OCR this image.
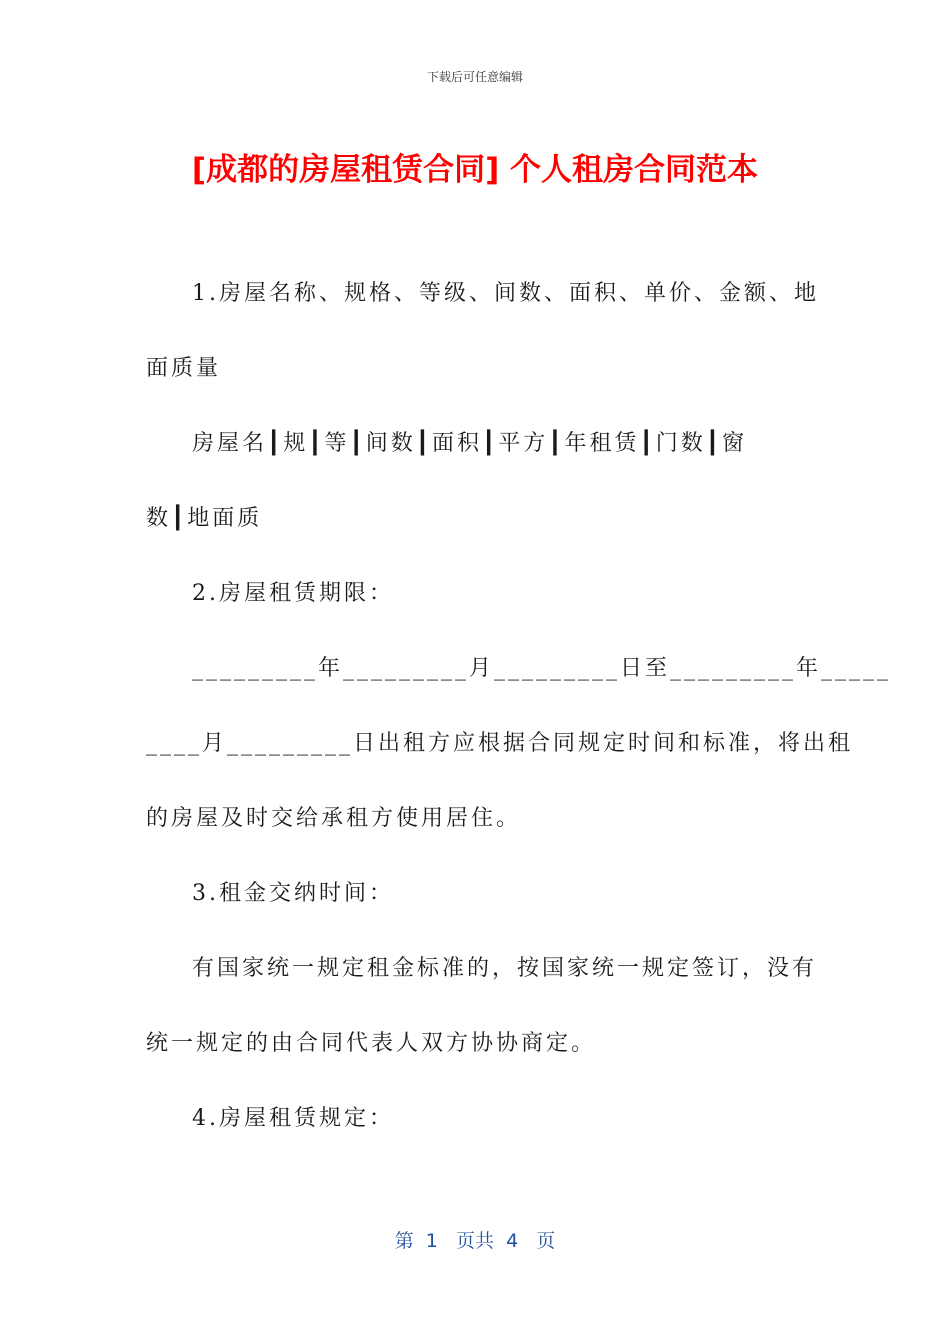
下载后可任意编辑
[成都的房屋租赁合同] 个人租房合同范本
1.房屋名称、规格、等级、间数、面积、单价、金额、地
面质量
房屋名┃规┃等┃间数┃面积┃平方┃年租赁┃门数┃窗
数┃地面质
2.房屋租赁期限：
_________年_________月_________日至_________年_____
____月_________日出租方应根据合同规定时间和标准，将出租
的房屋及时交给承租方使用居住。
3.租金交纳时间：
有国家统一规定租金标准的，按国家统一规定签订，没有
统一规定的由合同代表人双方协协商定。
4.房屋租赁规定：
第  1   页共  4   页
